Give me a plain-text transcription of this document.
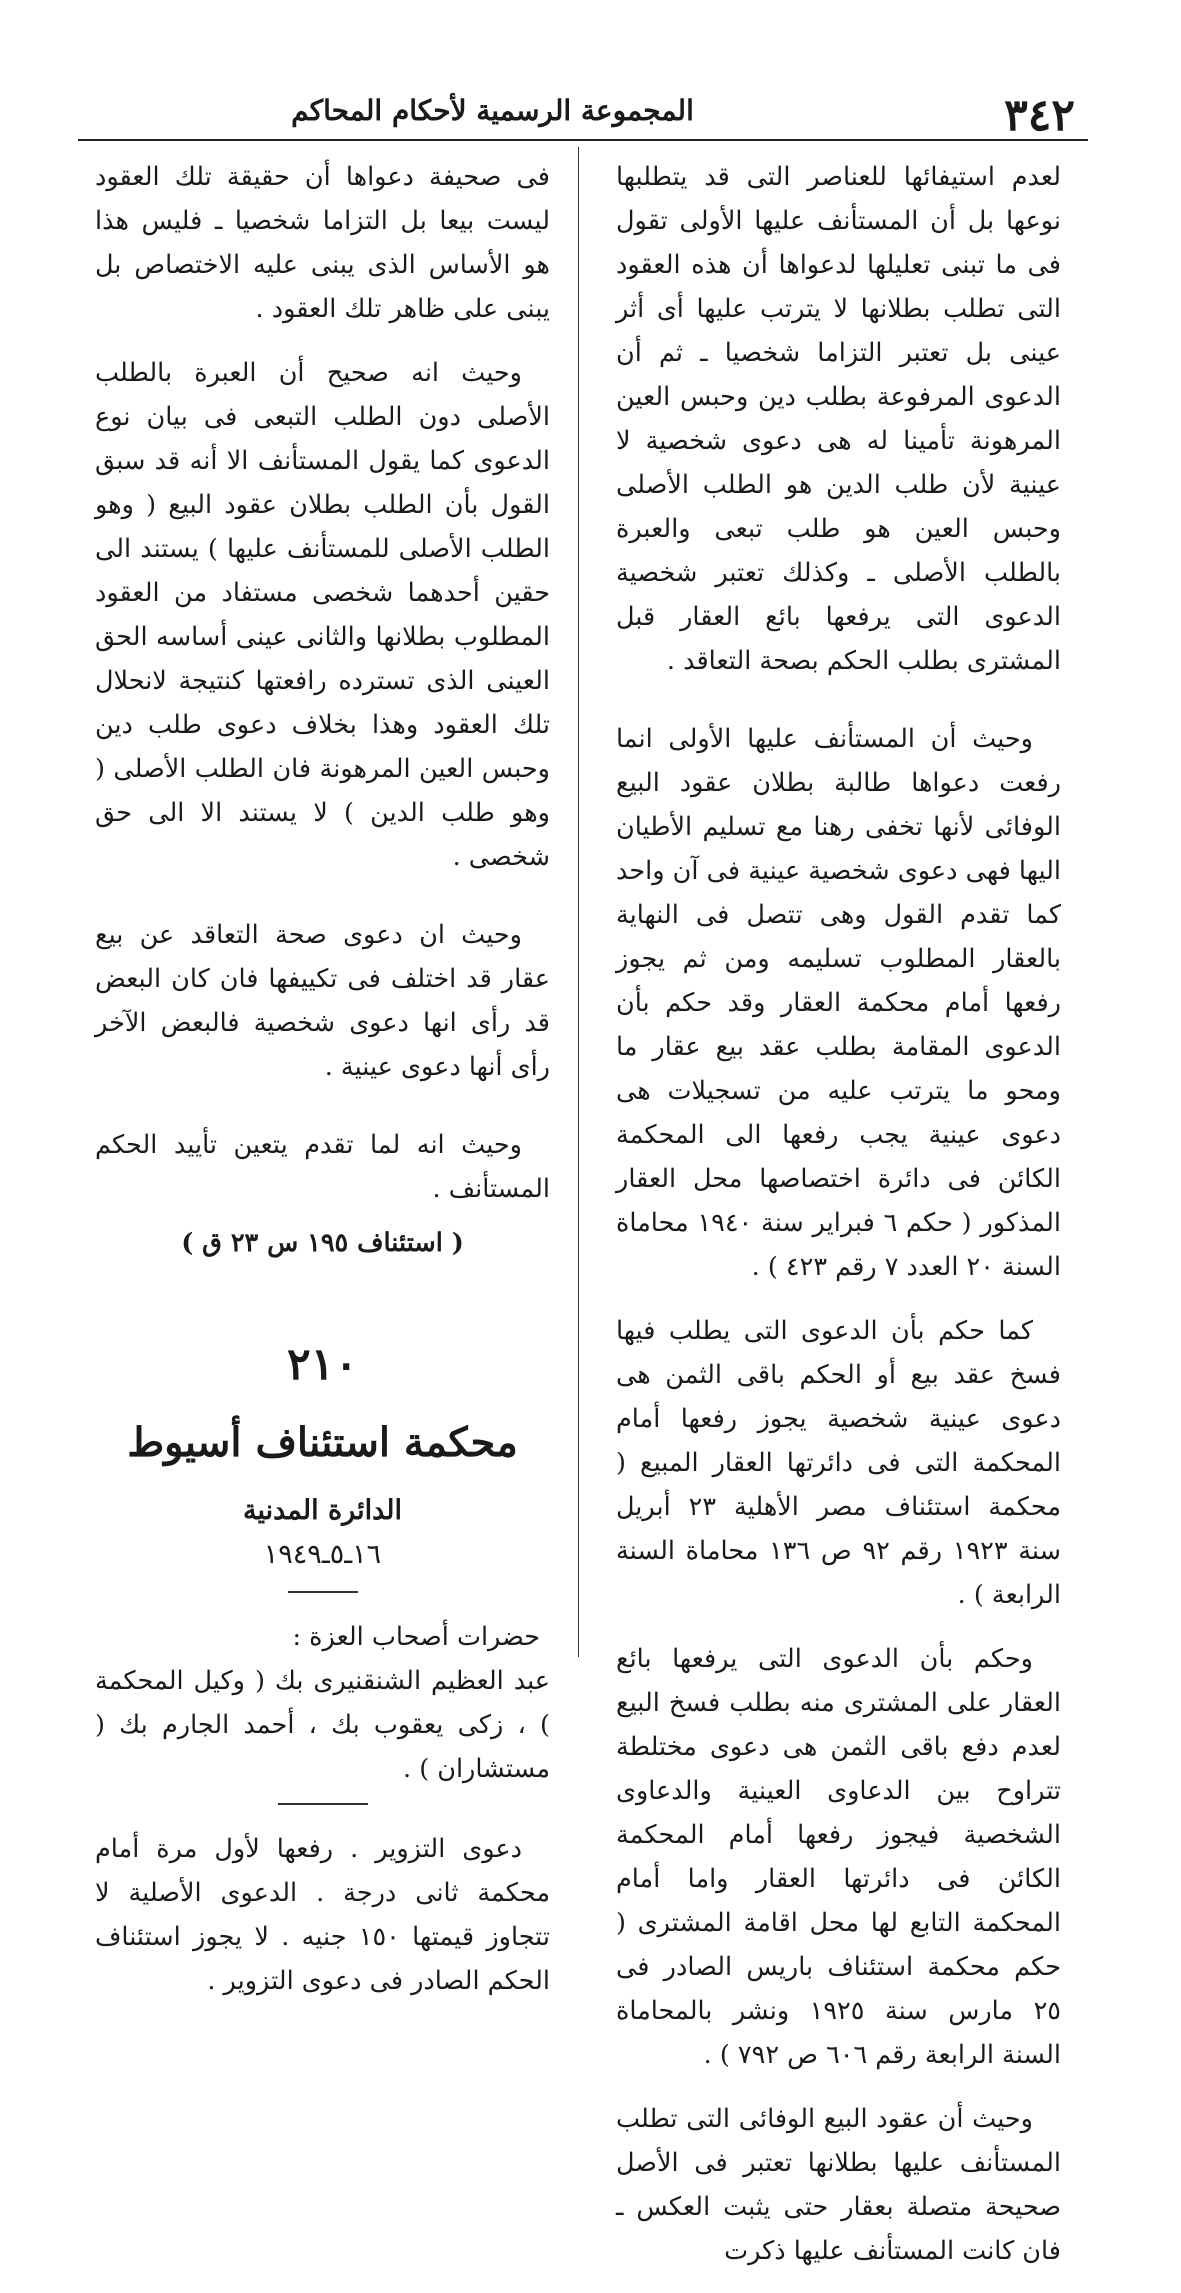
٣٤٢
المجموعة الرسمية لأحكام المحاكم

لعدم استيفائها للعناصر التى قد يتطلبها نوعها بل أن المستأنف عليها الأولى تقول فى ما تبنى تعليلها لدعواها أن هذه العقود التى تطلب بطلانها لا يترتب عليها أى أثر عينى بل تعتبر التزاما شخصيا ـ ثم أن الدعوى المرفوعة بطلب دين وحبس العين المرهونة تأمينا له هى دعوى شخصية لا عينية لأن طلب الدين هو الطلب الأصلى وحبس العين هو طلب تبعى والعبرة بالطلب الأصلى ـ وكذلك تعتبر شخصية الدعوى التى يرفعها بائع العقار قبل المشترى بطلب الحكم بصحة التعاقد .

وحيث أن المستأنف عليها الأولى انما رفعت دعواها طالبة بطلان عقود البيع الوفائى لأنها تخفى رهنا مع تسليم الأطيان اليها فهى دعوى شخصية عينية فى آن واحد كما تقدم القول وهى تتصل فى النهاية بالعقار المطلوب تسليمه ومن ثم يجوز رفعها أمام محكمة العقار وقد حكم بأن الدعوى المقامة بطلب عقد بيع عقار ما ومحو ما يترتب عليه من تسجيلات هى دعوى عينية يجب رفعها الى المحكمة الكائن فى دائرة اختصاصها محل العقار المذكور ( حكم ٦ فبراير سنة ١٩٤٠ محاماة السنة ٢٠ العدد ٧ رقم ٤٢٣ ) .

كما حكم بأن الدعوى التى يطلب فيها فسخ عقد بيع أو الحكم باقى الثمن هى دعوى عينية شخصية يجوز رفعها أمام المحكمة التى فى دائرتها العقار المبيع ( محكمة استئناف مصر الأهلية ٢٣ أبريل سنة ١٩٢٣ رقم ٩٢ ص ١٣٦ محاماة السنة الرابعة ) .

وحكم بأن الدعوى التى يرفعها بائع العقار على المشترى منه بطلب فسخ البيع لعدم دفع باقى الثمن هى دعوى مختلطة تتراوح بين الدعاوى العينية والدعاوى الشخصية فيجوز رفعها أمام المحكمة الكائن فى دائرتها العقار واما أمام المحكمة التابع لها محل اقامة المشترى ( حكم محكمة استئناف باريس الصادر فى ٢٥ مارس سنة ١٩٢٥ ونشر بالمحاماة السنة الرابعة رقم ٦٠٦ ص ٧٩٢ ) .

وحيث أن عقود البيع الوفائى التى تطلب المستأنف عليها بطلانها تعتبر فى الأصل صحيحة متصلة بعقار حتى يثبت العكس ـ فان كانت المستأنف عليها ذكرت

فى صحيفة دعواها أن حقيقة تلك العقود ليست بيعا بل التزاما شخصيا ـ فليس هذا هو الأساس الذى يبنى عليه الاختصاص بل يبنى على ظاهر تلك العقود .

وحيث انه صحيح أن العبرة بالطلب الأصلى دون الطلب التبعى فى بيان نوع الدعوى كما يقول المستأنف الا أنه قد سبق القول بأن الطلب بطلان عقود البيع ( وهو الطلب الأصلى للمستأنف عليها ) يستند الى حقين أحدهما شخصى مستفاد من العقود المطلوب بطلانها والثانى عينى أساسه الحق العينى الذى تسترده رافعتها كنتيجة لانحلال تلك العقود وهذا بخلاف دعوى طلب دين وحبس العين المرهونة فان الطلب الأصلى ( وهو طلب الدين ) لا يستند الا الى حق شخصى .

وحيث ان دعوى صحة التعاقد عن بيع عقار قد اختلف فى تكييفها فان كان البعض قد رأى انها دعوى شخصية فالبعض الآخر رأى أنها دعوى عينية .

وحيث انه لما تقدم يتعين تأييد الحكم المستأنف .

( استئناف ١٩٥ س ٢٣ ق )

٢١٠
محكمة استئناف أسيوط
الدائرة المدنية
١٦ـ٥ـ١٩٤٩

حضرات أصحاب العزة :

عبد العظيم الشنقنيرى بك ( وكيل المحكمة ) ، زكى يعقوب بك ، أحمد الجارم بك ( مستشاران ) .

دعوى التزوير . رفعها لأول مرة أمام محكمة ثانى درجة . الدعوى الأصلية لا تتجاوز قيمتها ١٥٠ جنيه . لا يجوز استئناف الحكم الصادر فى دعوى التزوير .
